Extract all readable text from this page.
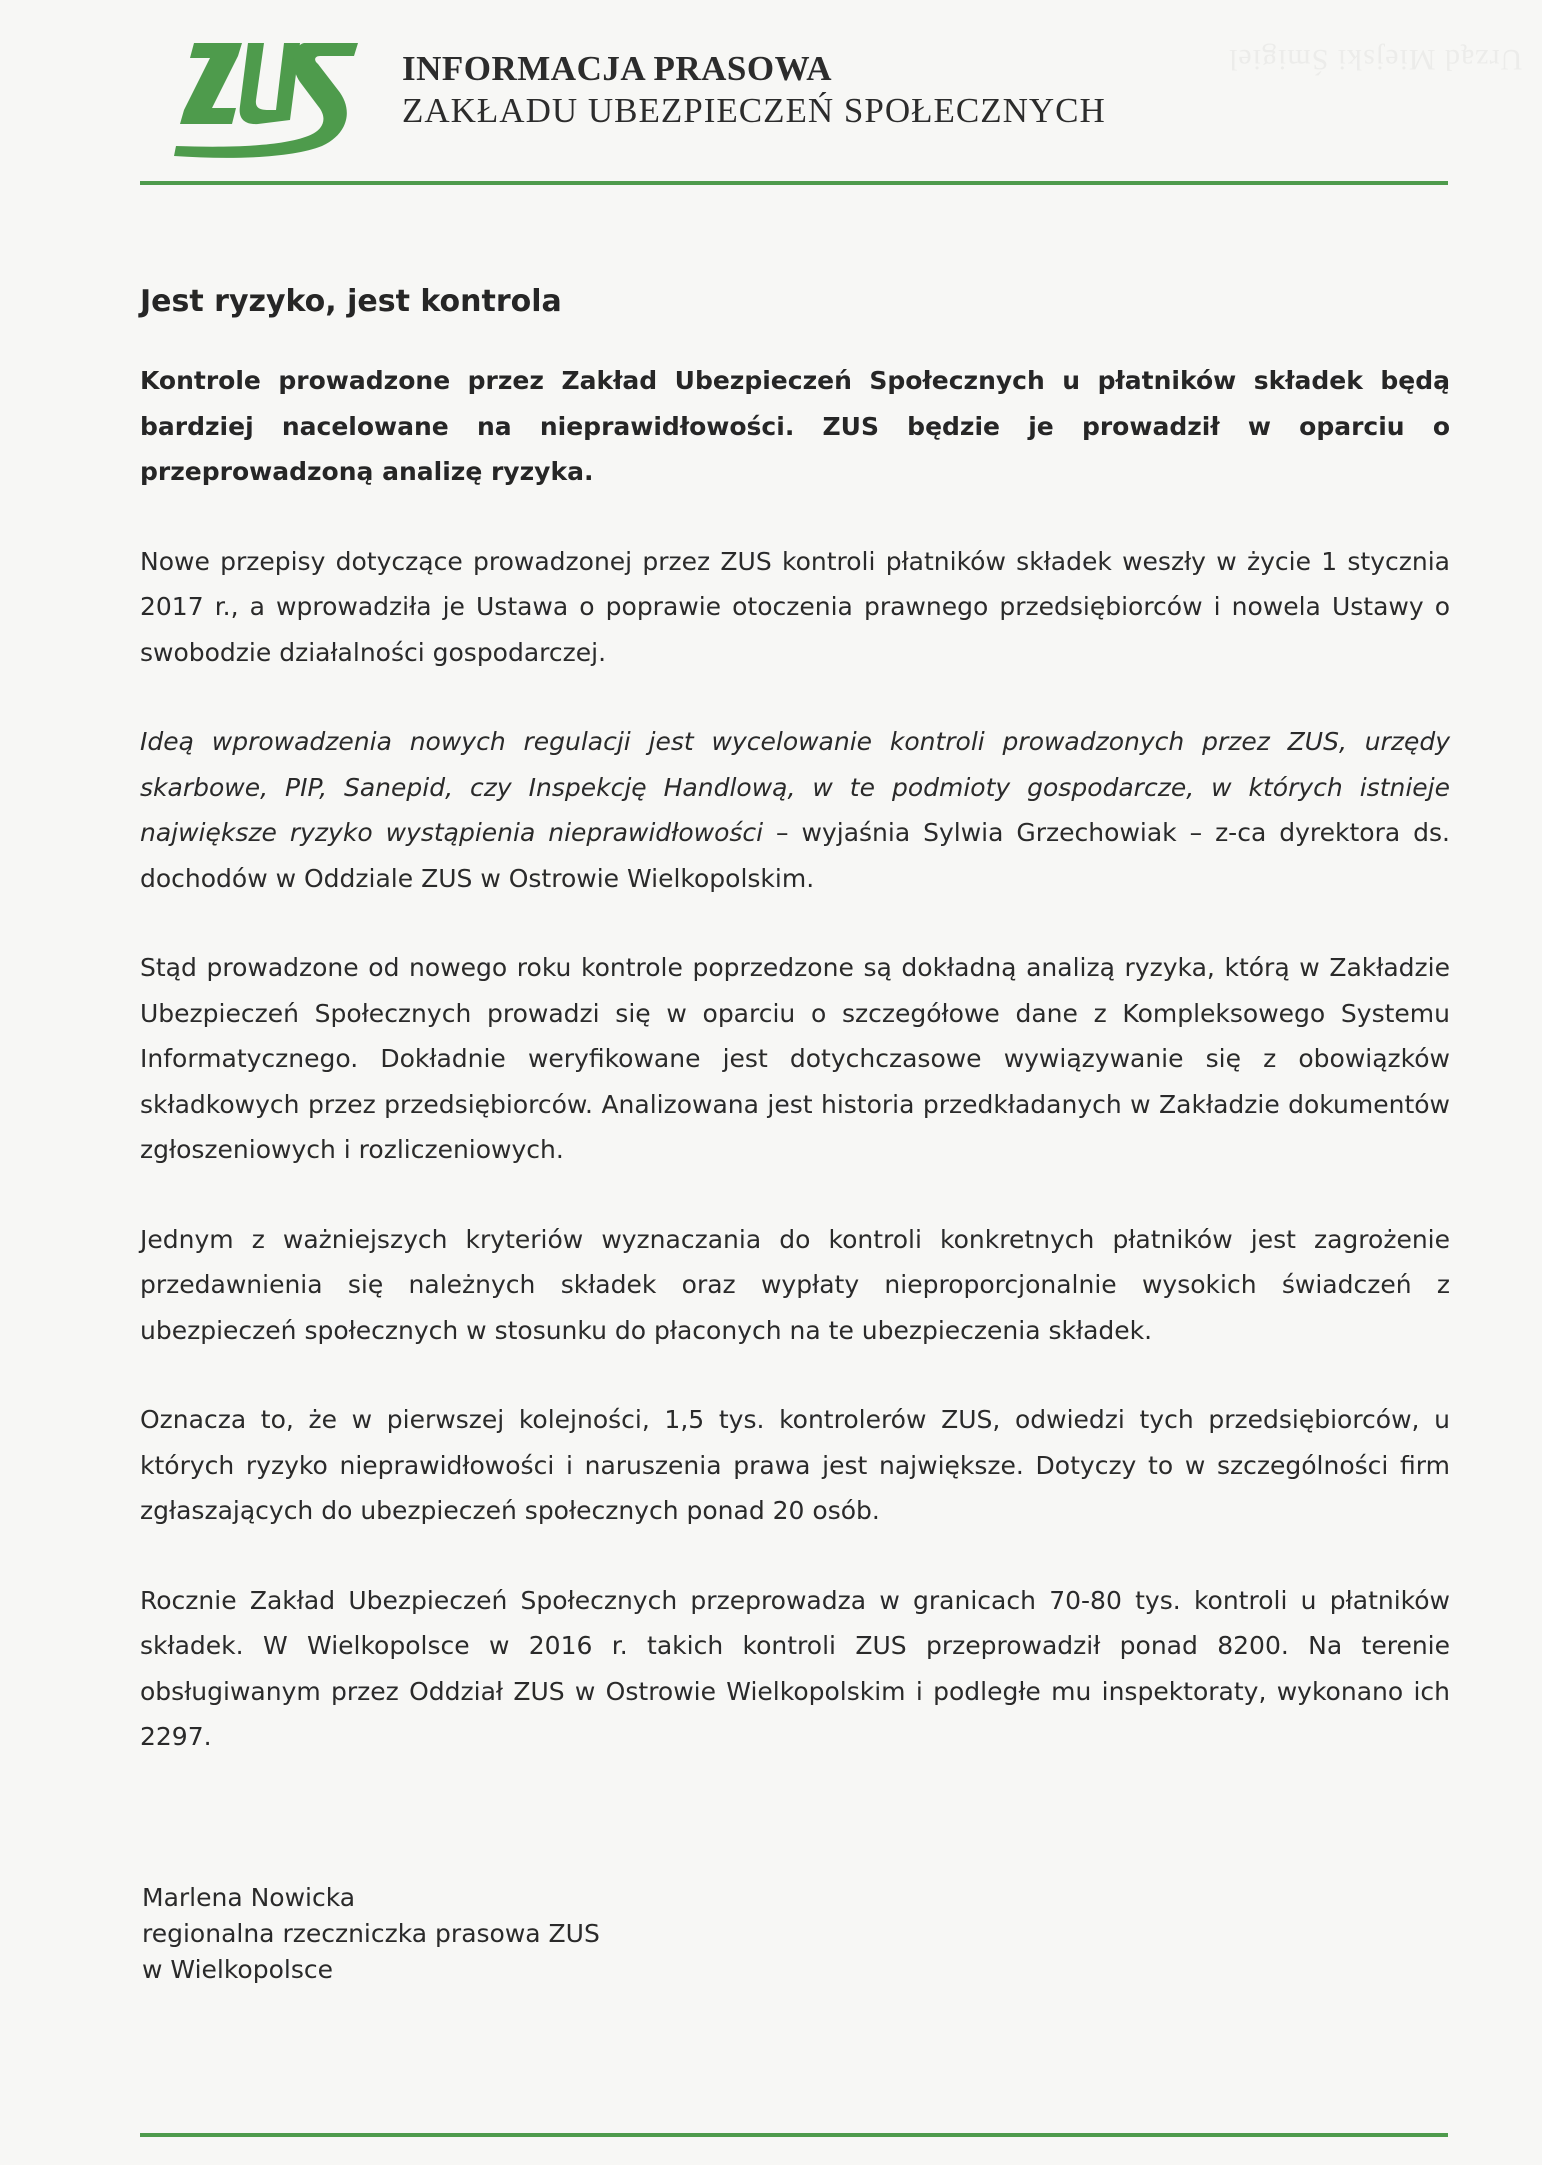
Urząd Miejski Śmigiel
INFORMACJA PRASOWA
ZAKŁADU UBEZPIECZEŃ SPOŁECZNYCH
Jest ryzyko, jest kontrola

Kontrole prowadzone przez Zakład Ubezpieczeń Społecznych u płatników składek będą bardziej nacelowane na nieprawidłowości. ZUS będzie je prowadził w oparciu o przeprowadzoną analizę ryzyka.

Nowe przepisy dotyczące prowadzonej przez ZUS kontroli płatników składek weszły w życie 1 stycznia 2017 r., a wprowadziła je Ustawa o poprawie otoczenia prawnego przedsiębiorców i nowela Ustawy o swobodzie działalności gospodarczej.

Ideą wprowadzenia nowych regulacji jest wycelowanie kontroli prowadzonych przez ZUS, urzędy skarbowe, PIP, Sanepid, czy Inspekcję Handlową, w te podmioty gospodarcze, w których istnieje największe ryzyko wystąpienia nieprawidłowości – wyjaśnia Sylwia Grzechowiak – z-ca dyrektora ds. dochodów w Oddziale ZUS w Ostrowie Wielkopolskim.

Stąd prowadzone od nowego roku kontrole poprzedzone są dokładną analizą ryzyka, którą w Zakładzie Ubezpieczeń Społecznych prowadzi się w oparciu o szczegółowe dane z Kompleksowego Systemu Informatycznego. Dokładnie weryfikowane jest dotychczasowe wywiązywanie się z obowiązków składkowych przez przedsiębiorców. Analizowana jest historia przedkładanych w Zakładzie dokumentów zgłoszeniowych i rozliczeniowych.

Jednym z ważniejszych kryteriów wyznaczania do kontroli konkretnych płatników jest zagrożenie przedawnienia się należnych składek oraz wypłaty nieproporcjonalnie wysokich świadczeń z ubezpieczeń społecznych w stosunku do płaconych na te ubezpieczenia składek.

Oznacza to, że w pierwszej kolejności, 1,5 tys. kontrolerów ZUS, odwiedzi tych przedsiębiorców, u których ryzyko nieprawidłowości i naruszenia prawa jest największe. Dotyczy to w szczególności firm zgłaszających do ubezpieczeń społecznych ponad 20 osób.

Rocznie Zakład Ubezpieczeń Społecznych przeprowadza w granicach 70-80 tys. kontroli u płatników składek. W Wielkopolsce w 2016 r. takich kontroli ZUS przeprowadził ponad 8200. Na terenie obsługiwanym przez Oddział ZUS w Ostrowie Wielkopolskim i podległe mu inspektoraty, wykonano ich 2297.

Marlena Nowicka
regionalna rzeczniczka prasowa ZUS
w Wielkopolsce
